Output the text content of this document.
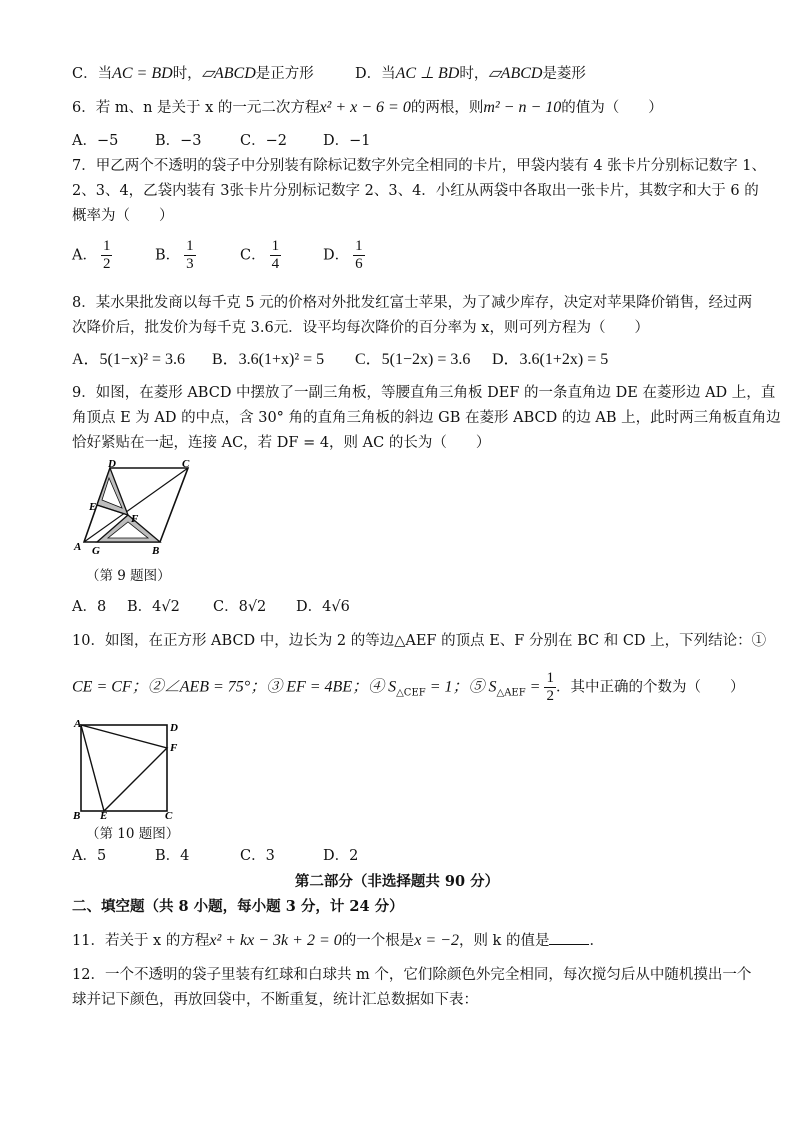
C．当AC = BD时，▱ABCD是正方形	D．当AC ⊥ BD时，▱ABCD是菱形
6．若 m、n 是关于 x 的一元二次方程x² + x − 6 = 0的两根，则m² − n − 10的值为（　　）
A．−5	B．−3	C．−2 D．−1
7．甲乙两个不透明的袋子中分别装有除标记数字外完全相同的卡片，甲袋内装有 4 张卡片分别标记数字 1、
2、3、4，乙袋内装有 3张卡片分别标记数字 2、3、4．小红从两袋中各取出一张卡片，其数字和大于 6 的
概率为（　　）
A． $\frac{1}{2}$	B． $\frac{1}{3}$	C． $\frac{1}{4}$	D． $\frac{1}{6}$
8．某水果批发商以每千克 5 元的价格对外批发红富士苹果，为了减少库存，决定对苹果降价销售，经过两
次降价后，批发价为每千克 3.6元．设平均每次降价的百分率为 x，则可列方程为（　　）
A．5(1−x)² = 3.6 B．3.6(1+x)² = 5 C．5(1−2x) = 3.6 D．3.6(1+2x) = 5
9．如图，在菱形 ABCD 中摆放了一副三角板，等腰直角三角板 DEF 的一条直角边 DE 在菱形边 AD 上，直
角顶点 E 为 AD 的中点，含 30° 角的直角三角板的斜边 GB 在菱形 ABCD 的边 AB 上，此时两三角板直角边
恰好紧贴在一起，连接 AC，若 DF = 4，则 AC 的长为（　　）
D	C
E
F
A G	B
（第 9 题图）
A．8 B．4√2 C．8√2 D．4√6
10．如图，在正方形 ABCD 中，边长为 2 的等边△AEF 的顶点 E、F 分别在 BC 和 CD 上，下列结论：①
CE = CF；②∠AEB = 75°；③ EF = 4BE；④ $S_{\triangle CEF} = 1$；⑤ $S_{\triangle AEF} = \frac{1}{2}$ ．其中正确的个数为（　　）
A	D
F
B E	C
（第 10 题图）
A．5	B．4	C．3	D．2
第二部分（非选择题共 90 分）
二、填空题（共 8 小题，每小题 3 分，计 24 分）
11．若关于 x 的方程x² + kx − 3k + 2 = 0的一个根是x = −2，则 k 的值是	．
12．一个不透明的袋子里装有红球和白球共 m 个，它们除颜色外完全相同，每次搅匀后从中随机摸出一个
球并记下颜色，再放回袋中，不断重复，统计汇总数据如下表：
